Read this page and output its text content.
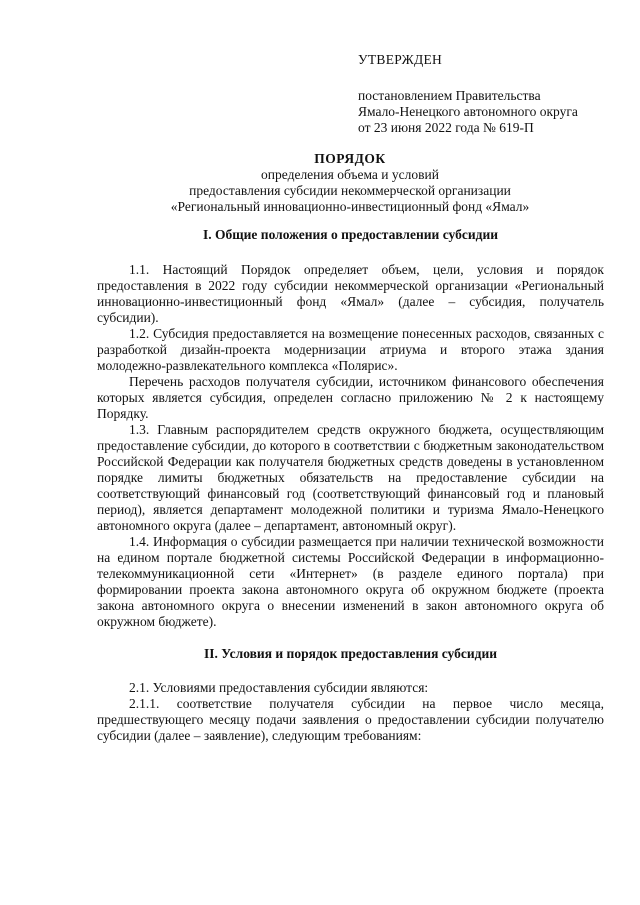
УТВЕРЖДЕН
постановлением Правительства
Ямало-Ненецкого автономного округа
от 23 июня 2022 года № 619-П
ПОРЯДОК
определения объема и условий
предоставления субсидии некоммерческой организации
«Региональный инновационно-инвестиционный фонд «Ямал»

I. Общие положения о предоставлении субсидии

1.1. Настоящий Порядок определяет объем, цели, условия и порядок предоставления в 2022 году субсидии некоммерческой организации «Региональный инновационно-инвестиционный фонд «Ямал» (далее – субсидия, получатель субсидии).

1.2. Субсидия предоставляется на возмещение понесенных расходов, связанных с разработкой дизайн-проекта модернизации атриума и второго этажа здания молодежно-развлекательного комплекса «Полярис».

Перечень расходов получателя субсидии, источником финансового обеспечения которых является субсидия, определен согласно приложению № 2 к настоящему Порядку.

1.3. Главным распорядителем средств окружного бюджета, осуществляющим предоставление субсидии, до которого в соответствии с бюджетным законодательством Российской Федерации как получателя бюджетных средств доведены в установленном порядке лимиты бюджетных обязательств на предоставление субсидии на соответствующий финансовый год (соответствующий финансовый год и плановый период), является департамент молодежной политики и туризма Ямало-Ненецкого автономного округа (далее – департамент, автономный округ).

1.4. Информация о субсидии размещается при наличии технической возможности на едином портале бюджетной системы Российской Федерации в информационно-телекоммуникационной сети «Интернет» (в разделе единого портала) при формировании проекта закона автономного округа об окружном бюджете (проекта закона автономного округа о внесении изменений в закон автономного округа об окружном бюджете).

II. Условия и порядок предоставления субсидии

2.1. Условиями предоставления субсидии являются:

2.1.1. соответствие получателя субсидии на первое число месяца, предшествующего месяцу подачи заявления о предоставлении субсидии получателю субсидии (далее – заявление), следующим требованиям:
